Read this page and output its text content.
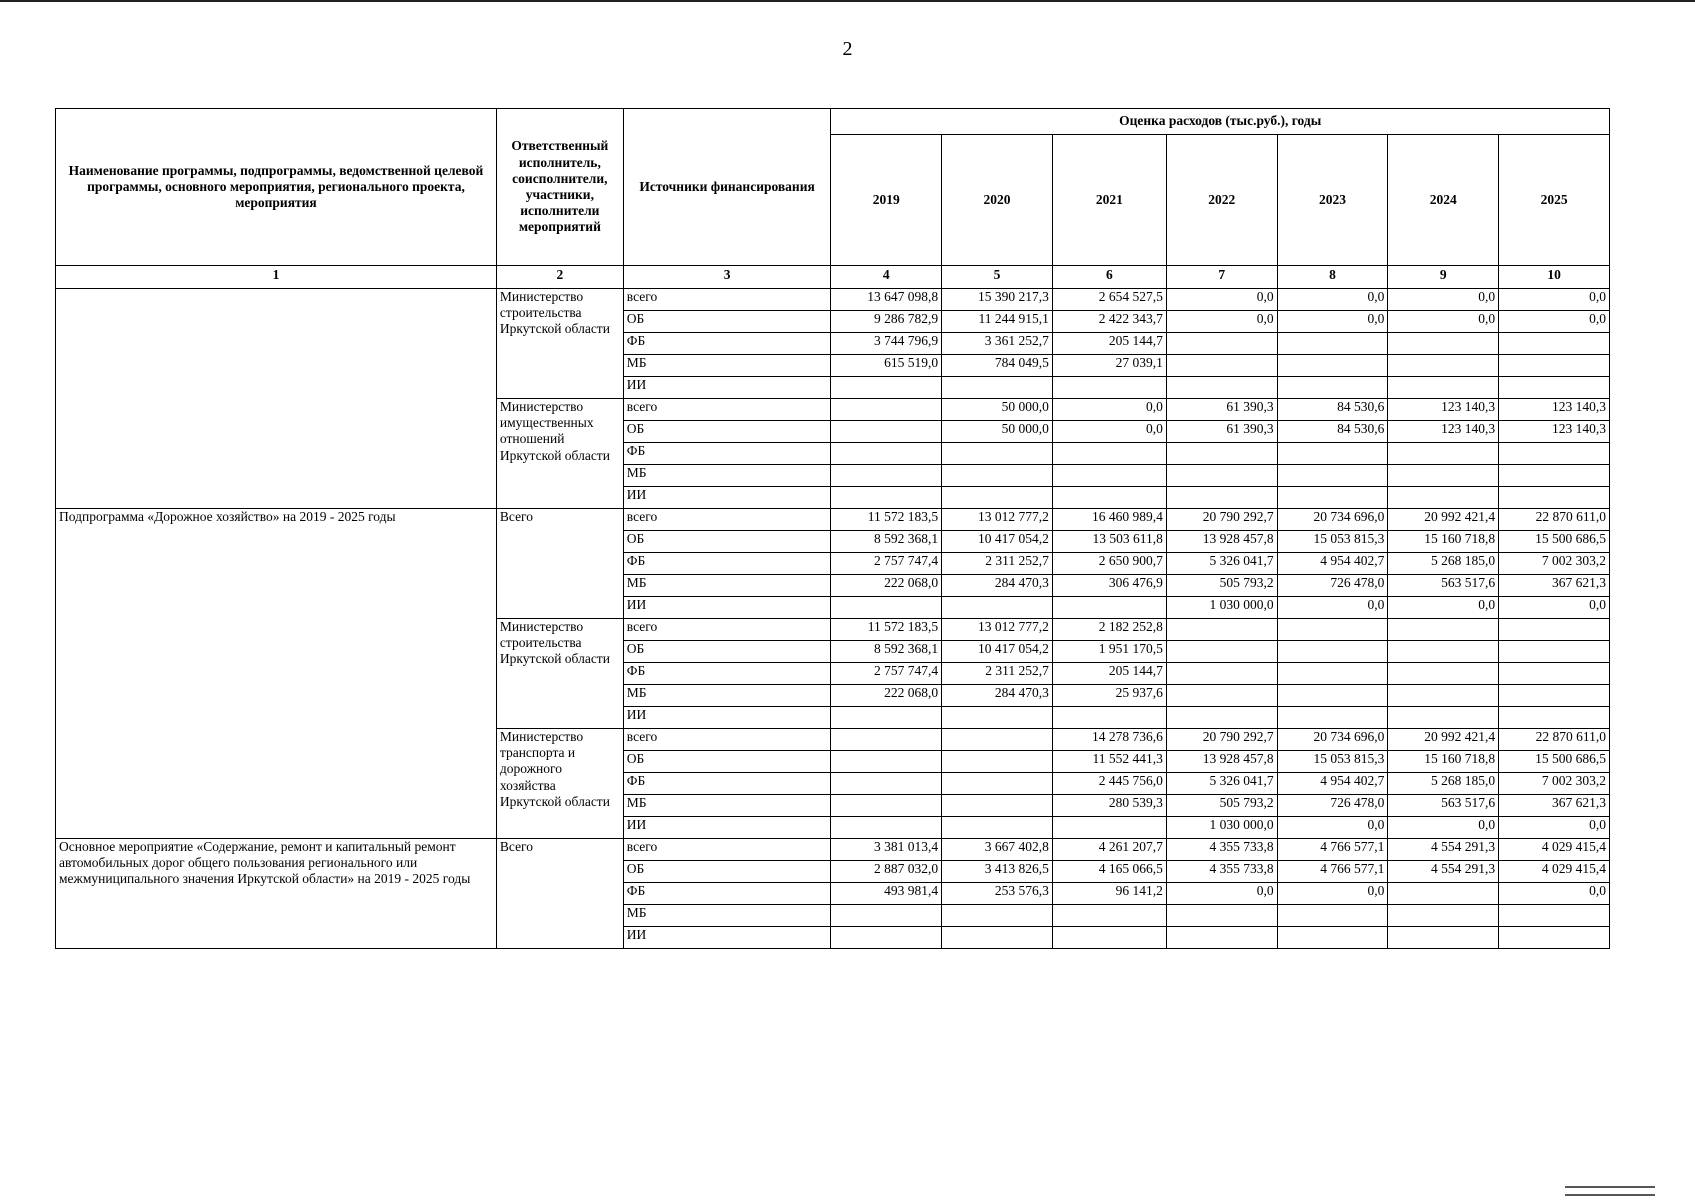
2
Наименование программы, подпрограммы, ведомственной целевой программы, основного мероприятия, регионального проекта, мероприятия	Ответственный исполнитель, соисполнители, участники, исполнители мероприятий	Источники финансирования	Оценка расходов (тыс.руб.), годы						
			2019	2020	2021	2022	2023	2024	2025
1	2	3	4	5	6	7	8	9	10
	Министерство строительства Иркутской области	всего	13 647 098,8	15 390 217,3	2 654 527,5	0,0	0,0	0,0	0,0
		ОБ	9 286 782,9	11 244 915,1	2 422 343,7	0,0	0,0	0,0	0,0
		ФБ	3 744 796,9	3 361 252,7	205 144,7				
		МБ	615 519,0	784 049,5	27 039,1				
		ИИ							
	Министерство имущественных отношений Иркутской области	всего		50 000,0	0,0	61 390,3	84 530,6	123 140,3	123 140,3
		ОБ		50 000,0	0,0	61 390,3	84 530,6	123 140,3	123 140,3
		ФБ							
		МБ							
		ИИ							
Подпрограмма «Дорожное хозяйство» на 2019 - 2025 годы	Всего	всего	11 572 183,5	13 012 777,2	16 460 989,4	20 790 292,7	20 734 696,0	20 992 421,4	22 870 611,0
		ОБ	8 592 368,1	10 417 054,2	13 503 611,8	13 928 457,8	15 053 815,3	15 160 718,8	15 500 686,5
		ФБ	2 757 747,4	2 311 252,7	2 650 900,7	5 326 041,7	4 954 402,7	5 268 185,0	7 002 303,2
		МБ	222 068,0	284 470,3	306 476,9	505 793,2	726 478,0	563 517,6	367 621,3
		ИИ				1 030 000,0	0,0	0,0	0,0
	Министерство строительства Иркутской области	всего	11 572 183,5	13 012 777,2	2 182 252,8				
		ОБ	8 592 368,1	10 417 054,2	1 951 170,5				
		ФБ	2 757 747,4	2 311 252,7	205 144,7				
		МБ	222 068,0	284 470,3	25 937,6				
		ИИ							
	Министерство транспорта и дорожного хозяйства Иркутской области	всего			14 278 736,6	20 790 292,7	20 734 696,0	20 992 421,4	22 870 611,0
		ОБ			11 552 441,3	13 928 457,8	15 053 815,3	15 160 718,8	15 500 686,5
		ФБ			2 445 756,0	5 326 041,7	4 954 402,7	5 268 185,0	7 002 303,2
		МБ			280 539,3	505 793,2	726 478,0	563 517,6	367 621,3
		ИИ				1 030 000,0	0,0	0,0	0,0
Основное мероприятие «Содержание, ремонт и капитальный ремонт автомобильных дорог общего пользования регионального или межмуниципального значения Иркутской области» на 2019 - 2025 годы	Всего	всего	3 381 013,4	3 667 402,8	4 261 207,7	4 355 733,8	4 766 577,1	4 554 291,3	4 029 415,4
		ОБ	2 887 032,0	3 413 826,5	4 165 066,5	4 355 733,8	4 766 577,1	4 554 291,3	4 029 415,4
		ФБ	493 981,4	253 576,3	96 141,2	0,0	0,0		0,0
		МБ							
		ИИ							
